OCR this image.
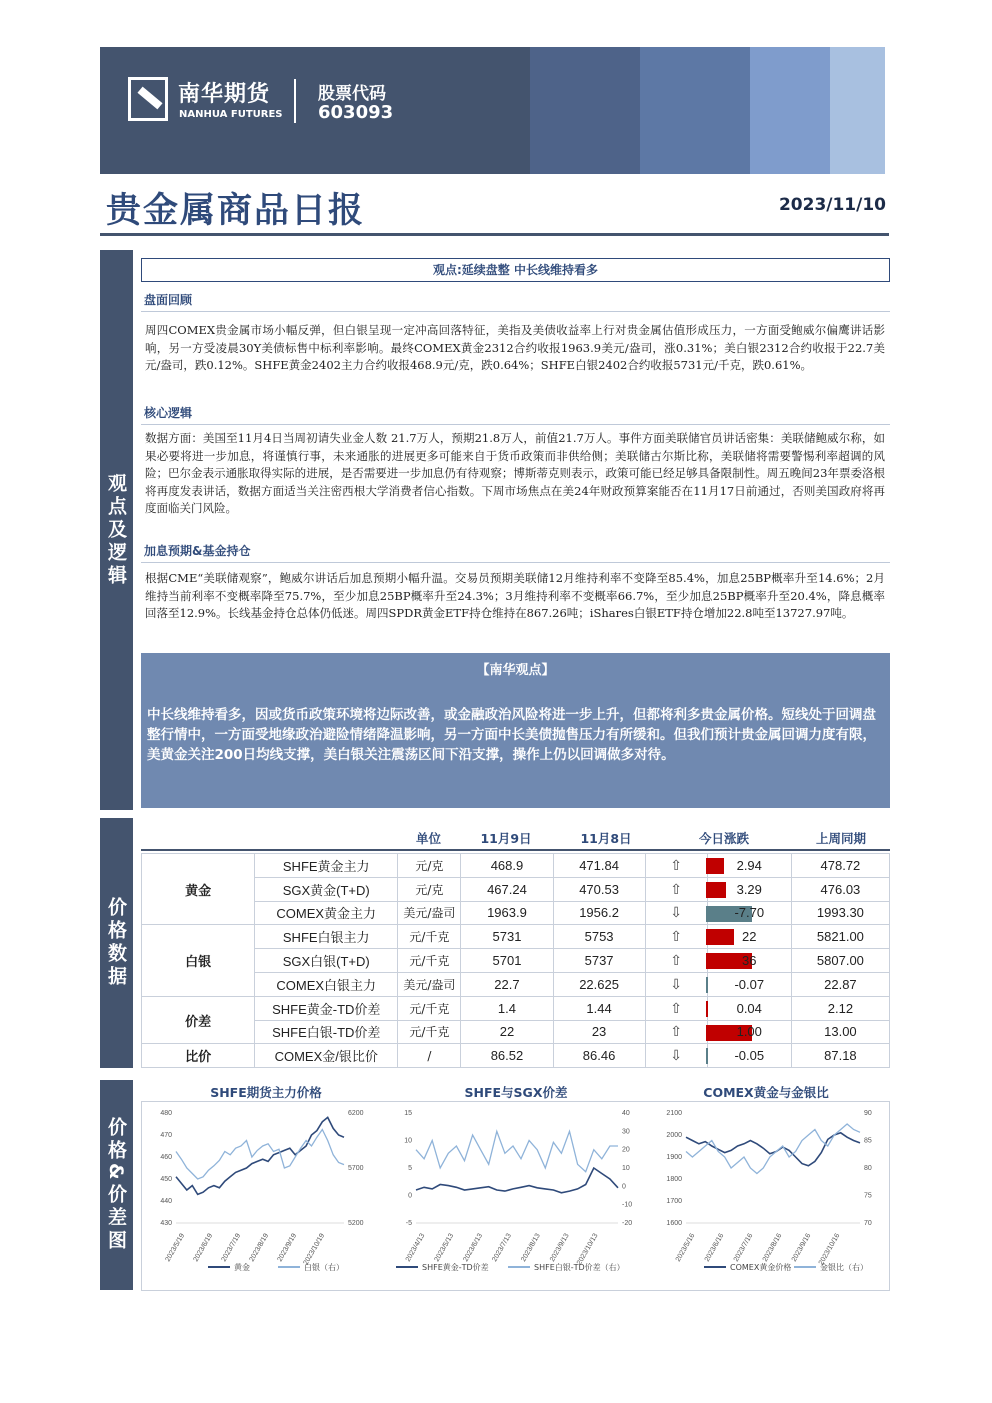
南华期货
NANHUA FUTURES
股票代码
603093
贵金属商品日报	2023/11/10
观点及逻辑
价格数据
价格&价差图
观点:延续盘整 中长线维持看多
盘面回顾
周四COMEX贵金属市场小幅反弹，但白银呈现一定冲高回落特征，美指及美债收益率上行对贵金属估值形成压力，一方面受鲍威尔偏鹰讲话影响，另一方受凌晨30Y美债标售中标利率影响。最终COMEX黄金2312合约收报1963.9美元/盎司，涨0.31%；美白银2312合约收报于22.7美元/盎司，跌0.12%。SHFE黄金2402主力合约收报468.9元/克，跌0.64%；SHFE白银2402合约收报5731元/千克，跌0.61%。
核心逻辑
数据方面：美国至11月4日当周初请失业金人数 21.7万人，预期21.8万人，前值21.7万人。事件方面美联储官员讲话密集：美联储鲍威尔称，如果必要将进一步加息，将谨慎行事，未来通胀的进展更多可能来自于货币政策而非供给侧；美联储古尔斯比称，美联储将需要警惕利率超调的风险；巴尔金表示通胀取得实际的进展，是否需要进一步加息仍有待观察；博斯蒂克则表示，政策可能已经足够具备限制性。周五晚间23年票委洛根将再度发表讲话，数据方面适当关注密西根大学消费者信心指数。下周市场焦点在美24年财政预算案能否在11月17日前通过，否则美国政府将再度面临关门风险。
加息预期&基金持仓
根据CME“美联储观察”，鲍威尔讲话后加息预期小幅升温。交易员预期美联储12月维持利率不变降至85.4%，加息25BP概率升至14.6%；2月维持当前利率不变概率降至75.7%，至少加息25BP概率升至24.3%；3月维持利率不变概率66.7%，至少加息25BP概率升至20.4%，降息概率回落至12.9%。长线基金持仓总体仍低迷。周四SPDR黄金ETF持仓维持在867.26吨；iShares白银ETF持仓增加22.8吨至13727.97吨。
【南华观点】
中长线维持看多，因或货币政策环境将边际改善，或金融政治风险将进一步上升，但都将利多贵金属价格。短线处于回调盘整行情中，一方面受地缘政治避险情绪降温影响，另一方面中长美债抛售压力有所缓和。但我们预计贵金属回调力度有限，美黄金关注200日均线支撑，美白银关注震荡区间下沿支撑，操作上仍以回调做多对待。
单位	11月9日	11月8日	今日涨跌	上周同期
黄金	SHFE黄金主力	元/克	468.9	471.84	⇧	2.94	478.72
	SGX黄金(T+D)	元/克	467.24	470.53	⇧	3.29	476.03
	COMEX黄金主力	美元/盎司	1963.9	1956.2	⇩	-7.70	1993.30
白银	SHFE白银主力	元/千克	5731	5753	⇧	22	5821.00
	SGX白银(T+D)	元/千克	5701	5737	⇧	36	5807.00
	COMEX白银主力	美元/盎司	22.7	22.625	⇩	-0.07	22.87
价差	SHFE黄金-TD价差	元/千克	1.4	1.44	⇧	0.04	2.12
	SHFE白银-TD价差	元/千克	22	23	⇧	1.00	13.00
比价	COMEX金/银比价	/	86.52	86.46	⇩	-0.05	87.18
SHFE期货主力价格	SHFE与SGX价差	COMEX黄金与金银比
480
470
460
450
440
430
6200
5700
5200
2023/5/19 2023/6/19 2023/7/19 2023/8/19 2023/9/19 2023/10/19
黄金	白银（右）
15
10
5
0
-5
40
30
20
10
0
-10
-20
2023/4/13 2023/5/13 2023/6/13 2023/7/13 2023/8/13 2023/9/13 2023/10/13
SHFE黄金-TD价差	SHFE白银-TD价差（右）
2100
2000
1900
1800
1700
1600
90
85
80
75
70
2023/5/16 2023/6/16 2023/7/16 2023/8/16 2023/9/16 2023/10/16
COMEX黄金价格	金银比（右）
